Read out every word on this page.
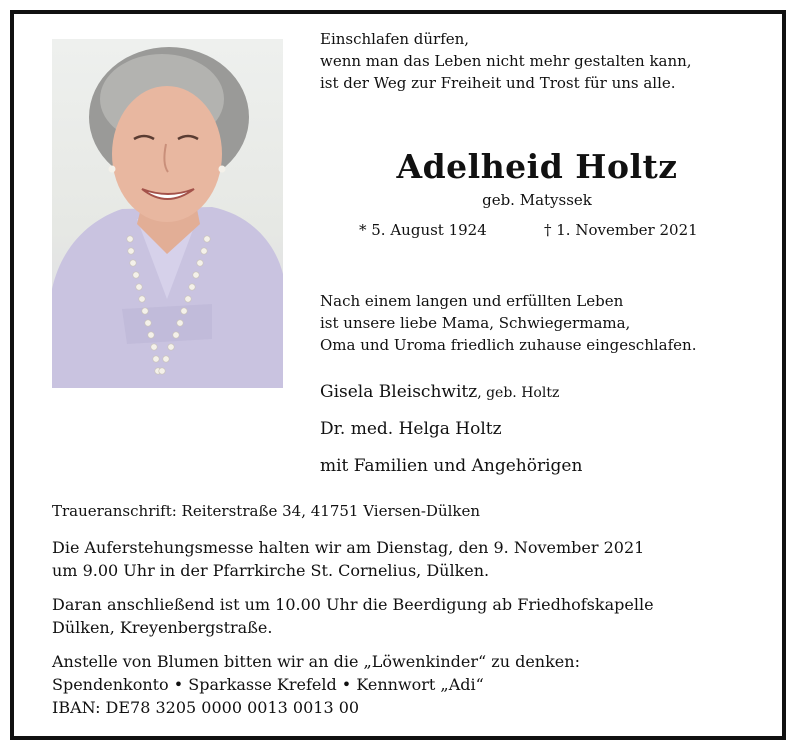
Einschlafen dürfen,
wenn man das Leben nicht mehr gestalten kann,
ist der Weg zur Freiheit und Trost für uns alle.
Adelheid Holtz
geb. Matyssek
* 5. August 1924	† 1. November 2021
Nach einem langen und erfüllten Leben
ist unsere liebe Mama, Schwiegermama,
Oma und Uroma friedlich zuhause eingeschlafen.
Gisela Bleischwitz, geb. Holtz
Dr. med. Helga Holtz
mit Familien und Angehörigen
Traueranschrift: Reiterstraße 34, 41751 Viersen-Dülken
Die Auferstehungsmesse halten wir am Dienstag, den 9. November 2021
um 9.00 Uhr in der Pfarrkirche St. Cornelius, Dülken.
Daran anschließend ist um 10.00 Uhr die Beerdigung ab Friedhofskapelle
Dülken, Kreyenbergstraße.
Anstelle von Blumen bitten wir an die „Löwenkinder“ zu denken:
Spendenkonto • Sparkasse Krefeld • Kennwort „Adi“
IBAN: DE78 3205 0000 0013 0013 00
